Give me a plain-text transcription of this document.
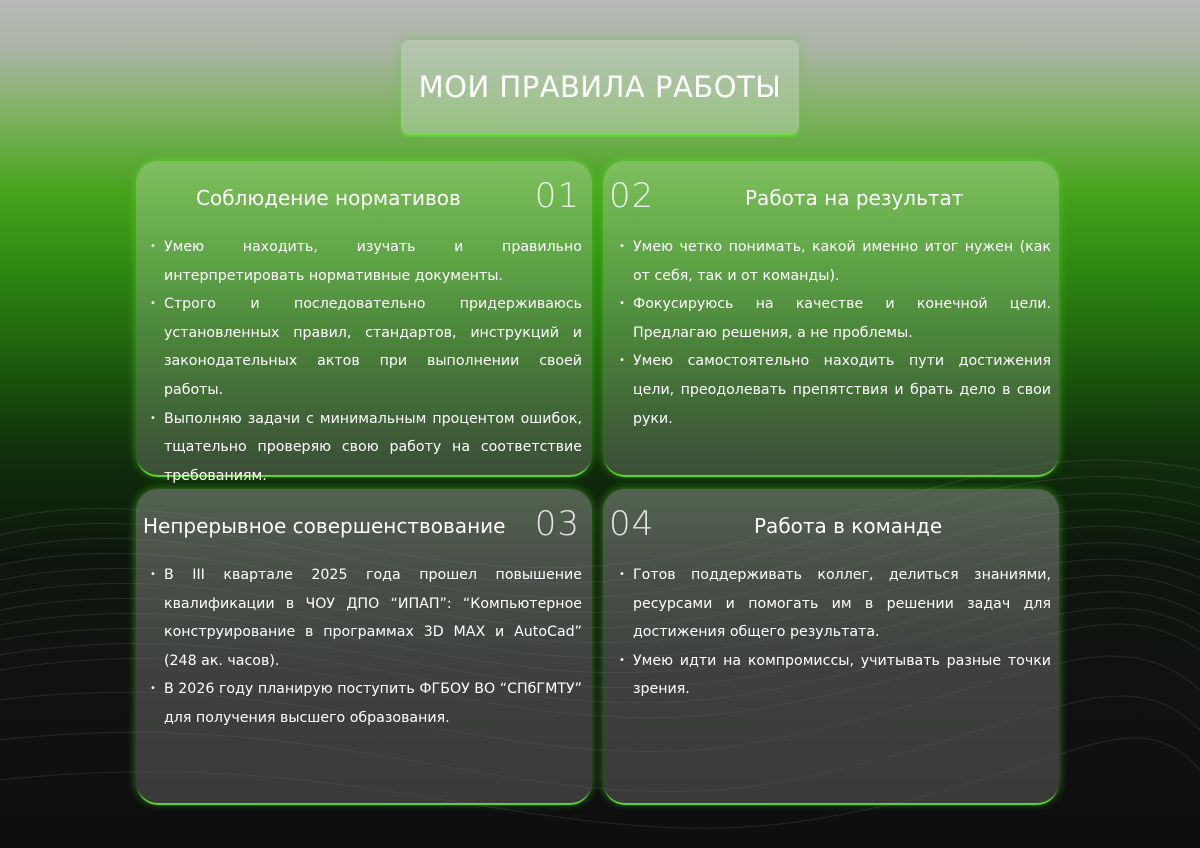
МОИ ПРАВИЛА РАБОТЫ
Соблюдение нормативов 01
• Умею находить, изучать и правильно интерпретировать нормативные документы.
• Строго и последовательно придерживаюсь установленных правил, стандартов, инструкций и законодательных актов при выполнении своей работы.
• Выполняю задачи с минимальным процентом ошибок, тщательно проверяю свою работу на соответствие требованиям.
02	Работа на результат
• Умею четко понимать, какой именно итог нужен (как от себя, так и от команды).
• Фокусируюсь на качестве и конечной цели. Предлагаю решения, а не проблемы.
• Умею самостоятельно находить пути достижения цели, преодолевать препятствия и брать дело в свои руки.
Непрерывное совершенствование 03
• В III квартале 2025 года прошел повышение квалификации в ЧОУ ДПО “ИПАП”: “Компьютерное конструирование в программах 3D MAX и AutoCad” (248 ак. часов).
• В 2026 году планирую поступить ФГБОУ ВО “СПбГМТУ” для получения высшего образования.
04	Работа в команде
• Готов поддерживать коллег, делиться знаниями, ресурсами и помогать им в решении задач для достижения общего результата.
• Умею идти на компромиссы, учитывать разные точки зрения.
